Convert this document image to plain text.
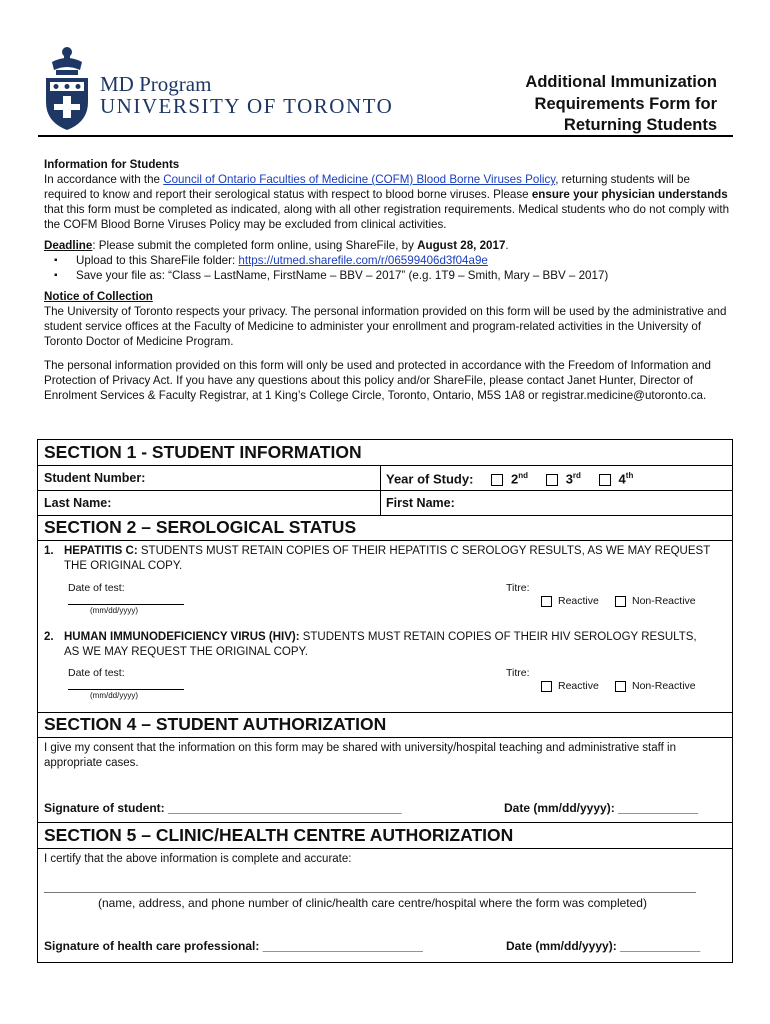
MD Program
UNIVERSITY OF TORONTO
Additional Immunization
Requirements Form for
Returning Students

Information for Students

In accordance with the Council of Ontario Faculties of Medicine (COFM) Blood Borne Viruses Policy, returning students will be required to know and report their serological status with respect to blood borne viruses. Please ensure your physician understands that this form must be completed as indicated, along with all other registration requirements. Medical students who do not comply with the COFM Blood Borne Viruses Policy may be excluded from clinical activities.

Deadline: Please submit the completed form online, using ShareFile, by August 28, 2017.

▪ Upload to this ShareFile folder: https://utmed.sharefile.com/r/06599406d3f04a9e
▪ Save your file as: “Class – LastName, FirstName – BBV – 2017” (e.g. 1T9 – Smith, Mary – BBV – 2017)

Notice of Collection

The University of Toronto respects your privacy. The personal information provided on this form will be used by the administrative and student service offices at the Faculty of Medicine to administer your enrollment and program-related activities in the University of Toronto Doctor of Medicine Program.

The personal information provided on this form will only be used and protected in accordance with the Freedom of Information and Protection of Privacy Act. If you have any questions about this policy and/or ShareFile, please contact Janet Hunter, Director of Enrolment Services & Faculty Registrar, at 1 King’s College Circle, Toronto, Ontario, M5S 1A8 or registrar.medicine@utoronto.ca.

SECTION 1 - STUDENT INFORMATION
Student Number:	Year of Study:	2nd	3rd	4th
Last Name:	First Name:
SECTION 2 – SEROLOGICAL STATUS
1. HEPATITIS C: STUDENTS MUST RETAIN COPIES OF THEIR HEPATITIS C SEROLOGY RESULTS, AS WE MAY REQUEST THE ORIGINAL COPY.
Date of test:
(mm/dd/yyyy)
Titre:
Reactive	Non-Reactive
2. HUMAN IMMUNODEFICIENCY VIRUS (HIV): STUDENTS MUST RETAIN COPIES OF THEIR HIV SEROLOGY RESULTS, AS WE MAY REQUEST THE ORIGINAL COPY.
Date of test:
(mm/dd/yyyy)
Titre:
Reactive	Non-Reactive
SECTION 4 – STUDENT AUTHORIZATION
I give my consent that the information on this form may be shared with university/hospital teaching and administrative staff in appropriate cases.
Signature of student: ___________________________________	Date (mm/dd/yyyy): ____________
SECTION 5 – CLINIC/HEALTH CENTRE AUTHORIZATION
I certify that the above information is complete and accurate:
(name, address, and phone number of clinic/health care centre/hospital where the form was completed)
Signature of health care professional: ________________________	Date (mm/dd/yyyy): ____________
